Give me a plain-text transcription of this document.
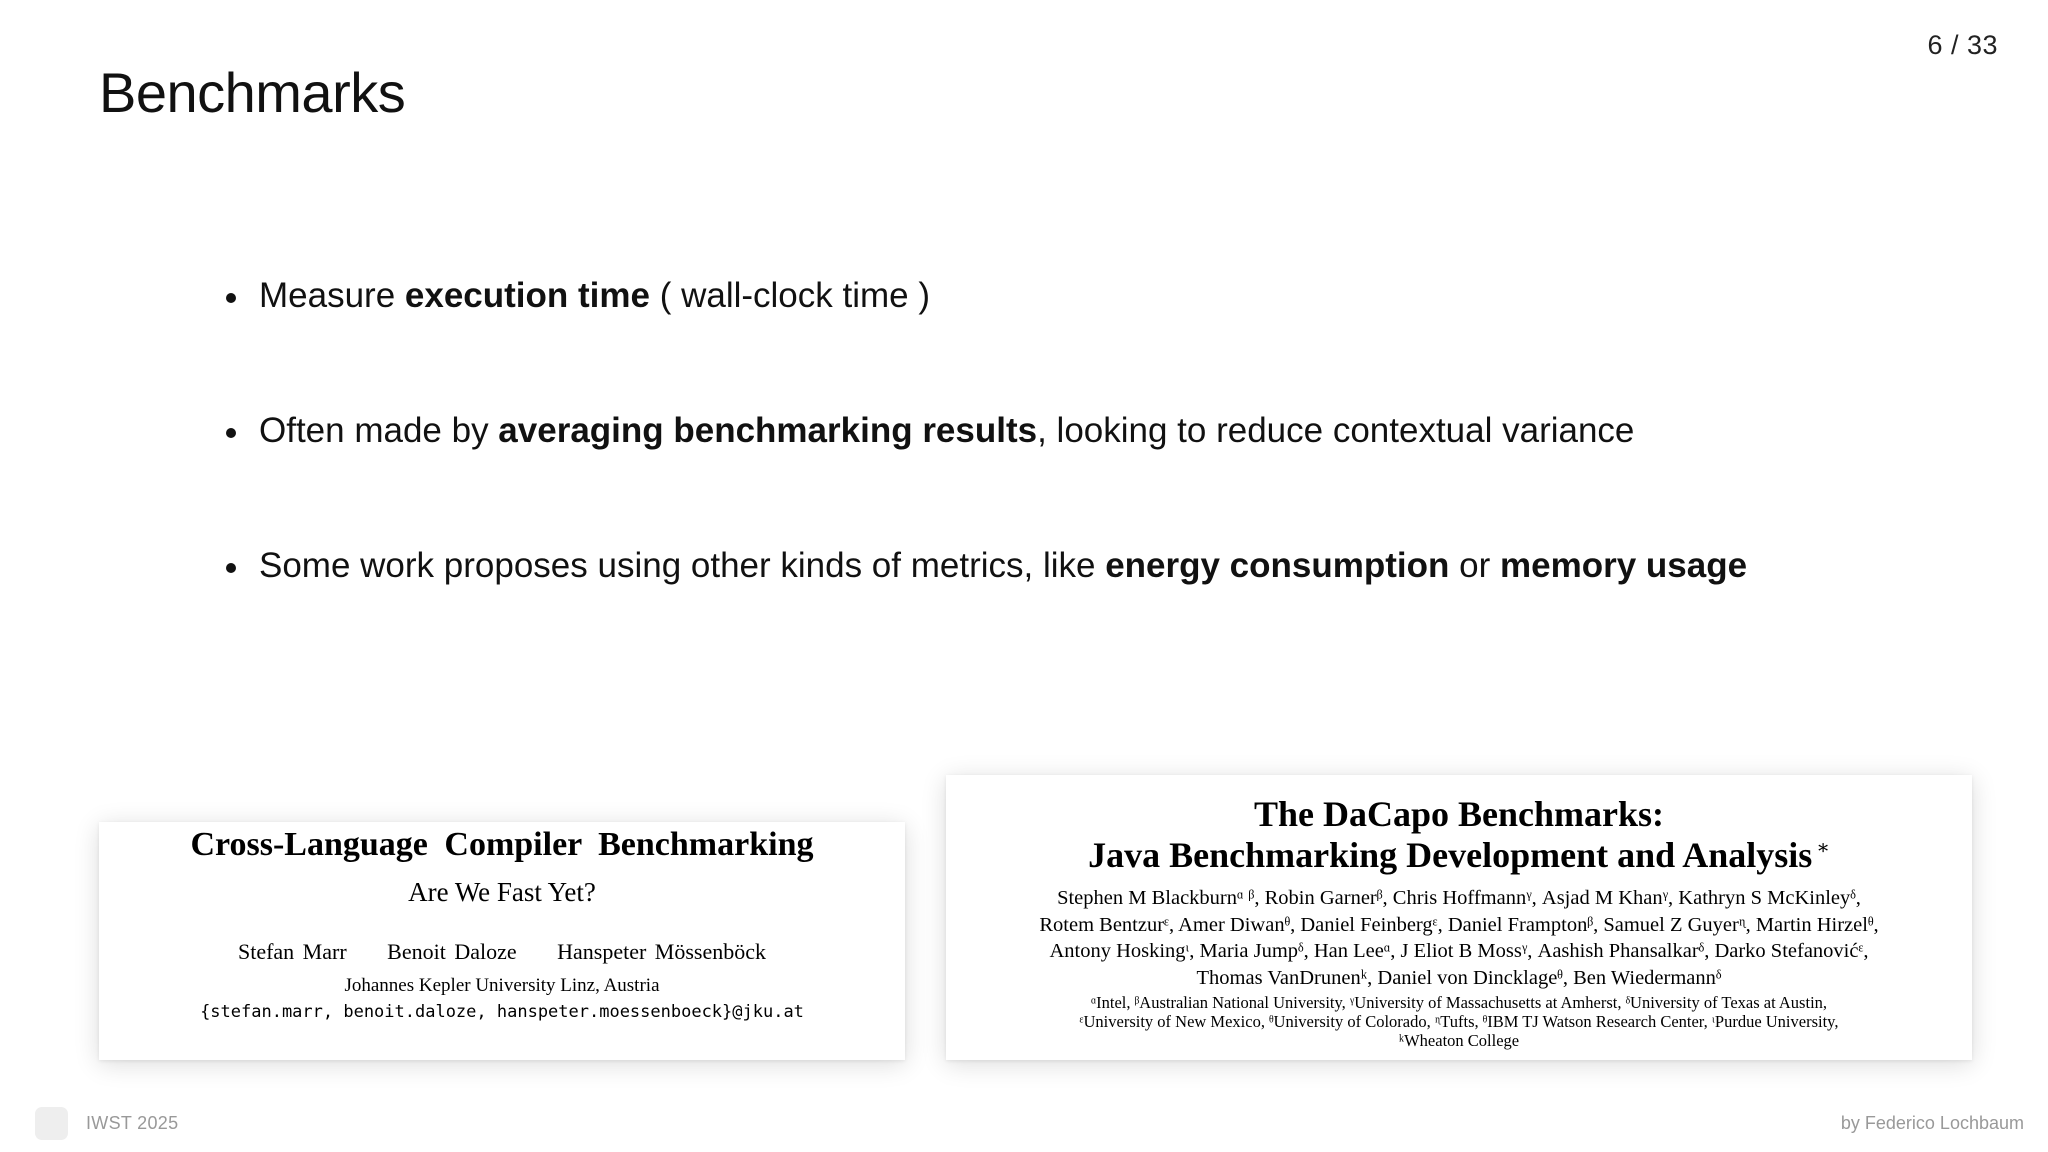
6 / 33
Benchmarks
Measure execution time ( wall-clock time )
Often made by averaging benchmarking results, looking to reduce contextual variance
Some work proposes using other kinds of metrics, like energy consumption or memory usage
Cross-Language Compiler Benchmarking
Are We Fast Yet?
Stefan Marr Benoit Daloze Hanspeter Mössenböck
Johannes Kepler University Linz, Austria
{stefan.marr, benoit.daloze, hanspeter.moessenboeck}@jku.at
The DaCapo Benchmarks:
Java Benchmarking Development and Analysis ∗
Stephen M Blackburnᵅ ᵝ, Robin Garnerᵝ, Chris Hoffmannᵞ, Asjad M Khanᵞ, Kathryn S McKinleyᵟ,
Rotem Bentzurᵋ, Amer Diwanᶿ, Daniel Feinbergᵋ, Daniel Framptonᵝ, Samuel Z Guyerᶯ, Martin Hirzelᶿ,
Antony Hoskingᶥ, Maria Jumpᵟ, Han Leeᵅ, J Eliot B Mossᵞ, Aashish Phansalkarᵟ, Darko Stefanovićᵋ,
Thomas VanDrunenᵏ, Daniel von Dincklageᶿ, Ben Wiedermannᵟ
ᵅIntel, ᵝAustralian National University, ᵞUniversity of Massachusetts at Amherst, ᵟUniversity of Texas at Austin,
ᵋUniversity of New Mexico, ᶿUniversity of Colorado, ᶯTufts, ᶿIBM TJ Watson Research Center, ᶥPurdue University,
ᵏWheaton College
IWST 2025	by Federico Lochbaum
